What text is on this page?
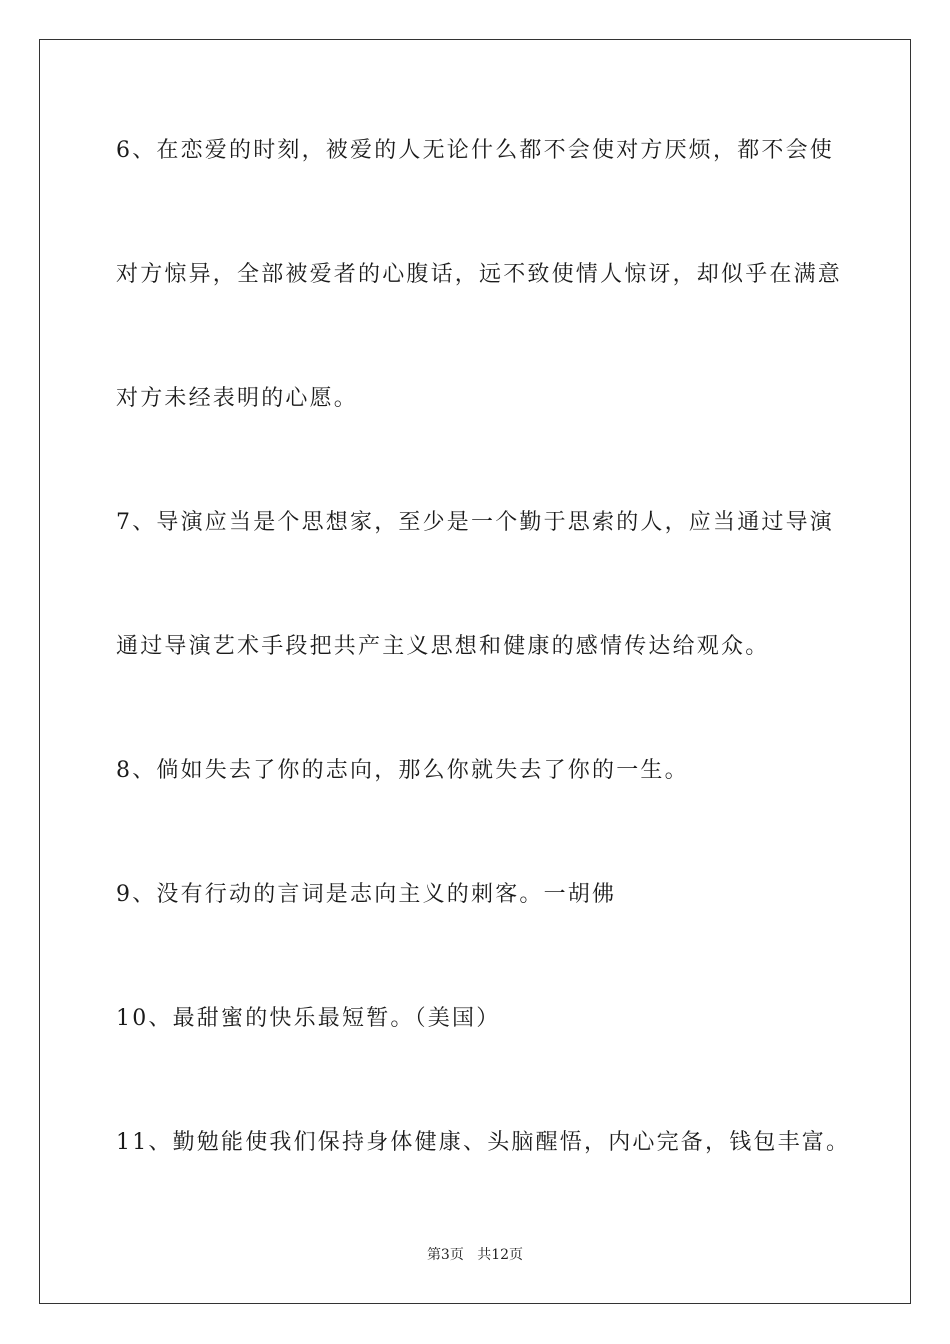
6、在恋爱的时刻，被爱的人无论什么都不会使对方厌烦，都不会使
对方惊异，全部被爱者的心腹话，远不致使情人惊讶，却似乎在满意
对方未经表明的心愿。
7、导演应当是个思想家，至少是一个勤于思索的人，应当通过导演
通过导演艺术手段把共产主义思想和健康的感情传达给观众。
8、倘如失去了你的志向，那么你就失去了你的一生。
9、没有行动的言词是志向主义的刺客。一胡佛
10、最甜蜜的快乐最短暂。（美国）
11、勤勉能使我们保持身体健康、头脑醒悟，内心完备，钱包丰富。
第3页 共12页
